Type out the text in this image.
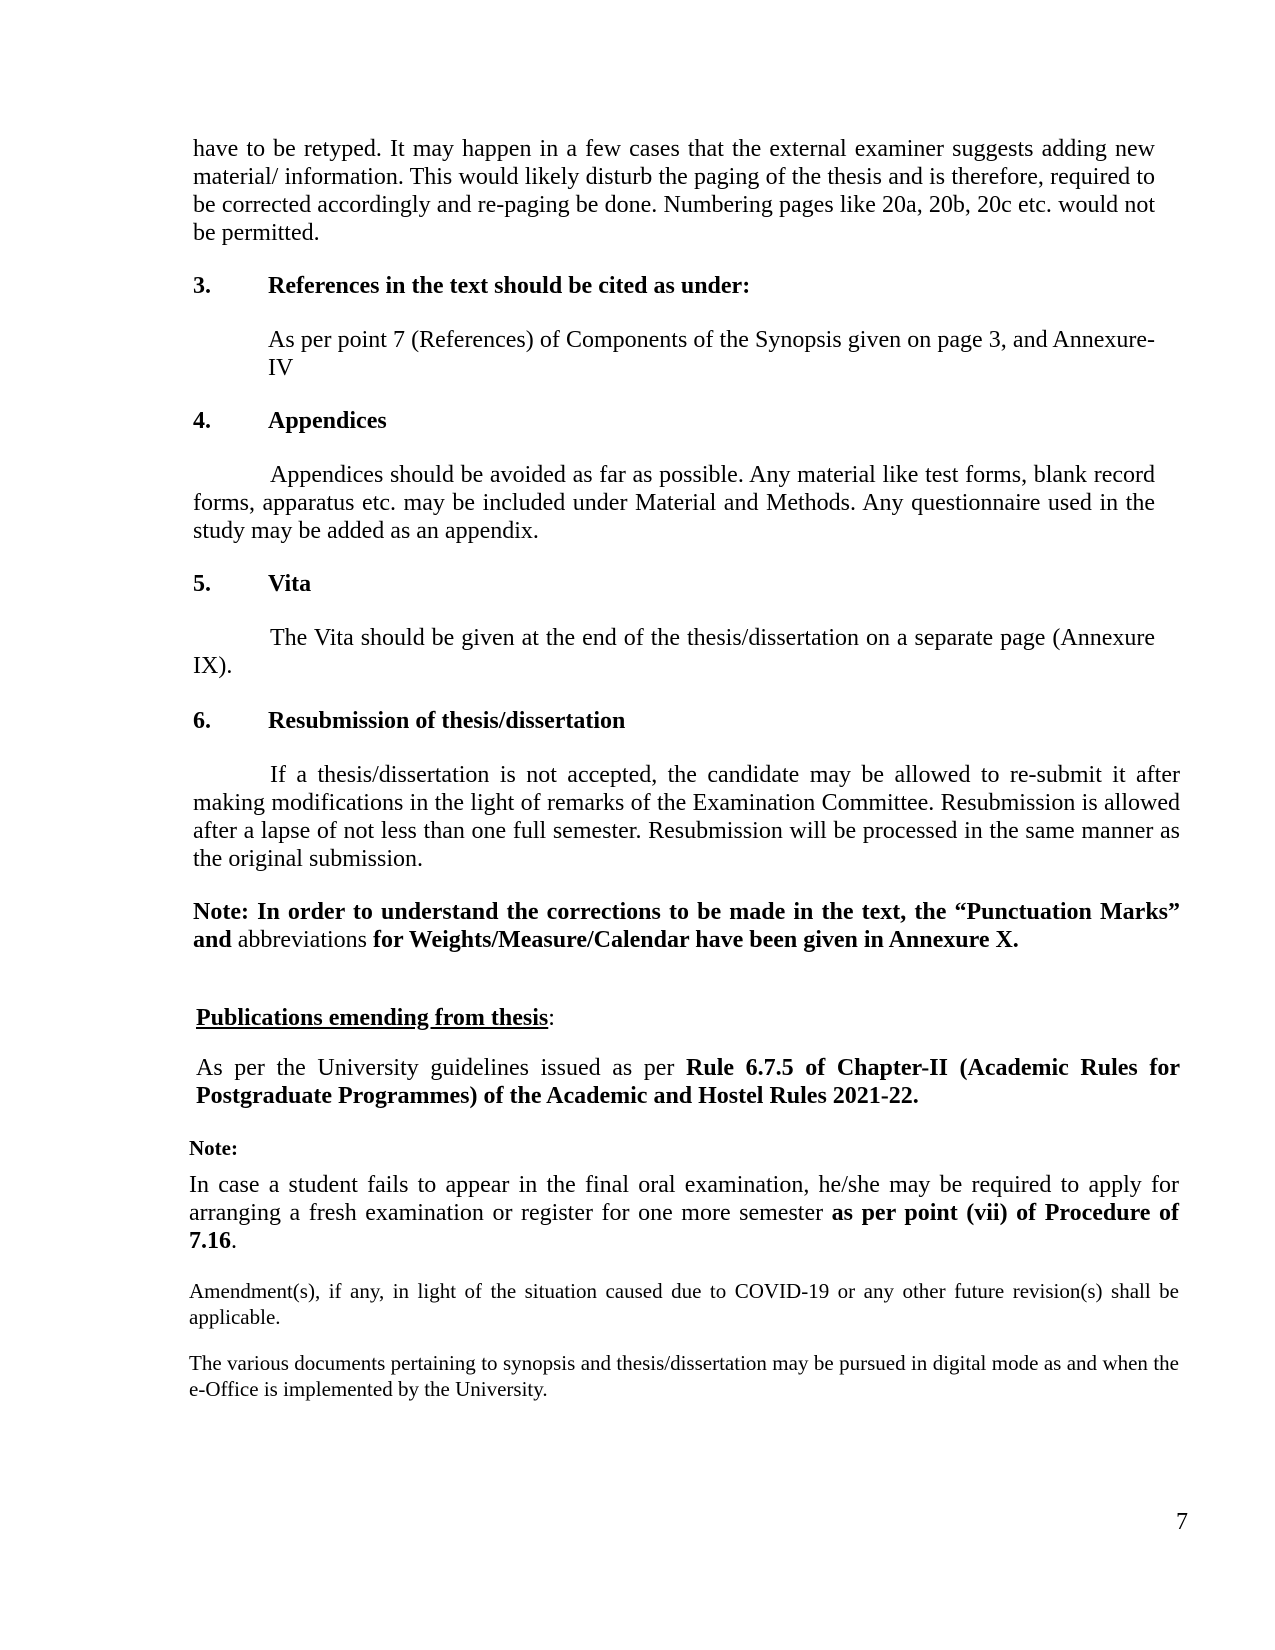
have to be retyped. It may happen in a few cases that the external examiner suggests adding new material/ information. This would likely disturb the paging of the thesis and is therefore, required to be corrected accordingly and re-paging be done. Numbering pages like 20a, 20b, 20c etc. would not be permitted.

3. References in the text should be cited as under:

As per point 7 (References) of Components of the Synopsis given on page 3, and Annexure-IV

4. Appendices

Appendices should be avoided as far as possible. Any material like test forms, blank record forms, apparatus etc. may be included under Material and Methods. Any questionnaire used in the study may be added as an appendix.

5. Vita

The Vita should be given at the end of the thesis/dissertation on a separate page (Annexure IX).

6. Resubmission of thesis/dissertation

If a thesis/dissertation is not accepted, the candidate may be allowed to re-submit it after making modifications in the light of remarks of the Examination Committee. Resubmission is allowed after a lapse of not less than one full semester. Resubmission will be processed in the same manner as the original submission.

Note: In order to understand the corrections to be made in the text, the “Punctuation Marks” and abbreviations for Weights/Measure/Calendar have been given in Annexure X.

Publications emending from thesis:

As per the University guidelines issued as per Rule 6.7.5 of Chapter-II (Academic Rules for Postgraduate Programmes) of the Academic and Hostel Rules 2021-22.

Note:

In case a student fails to appear in the final oral examination, he/she may be required to apply for arranging a fresh examination or register for one more semester as per point (vii) of Procedure of 7.16.

Amendment(s), if any, in light of the situation caused due to COVID-19 or any other future revision(s) shall be applicable.

The various documents pertaining to synopsis and thesis/dissertation may be pursued in digital mode as and when the e-Office is implemented by the University.

7
